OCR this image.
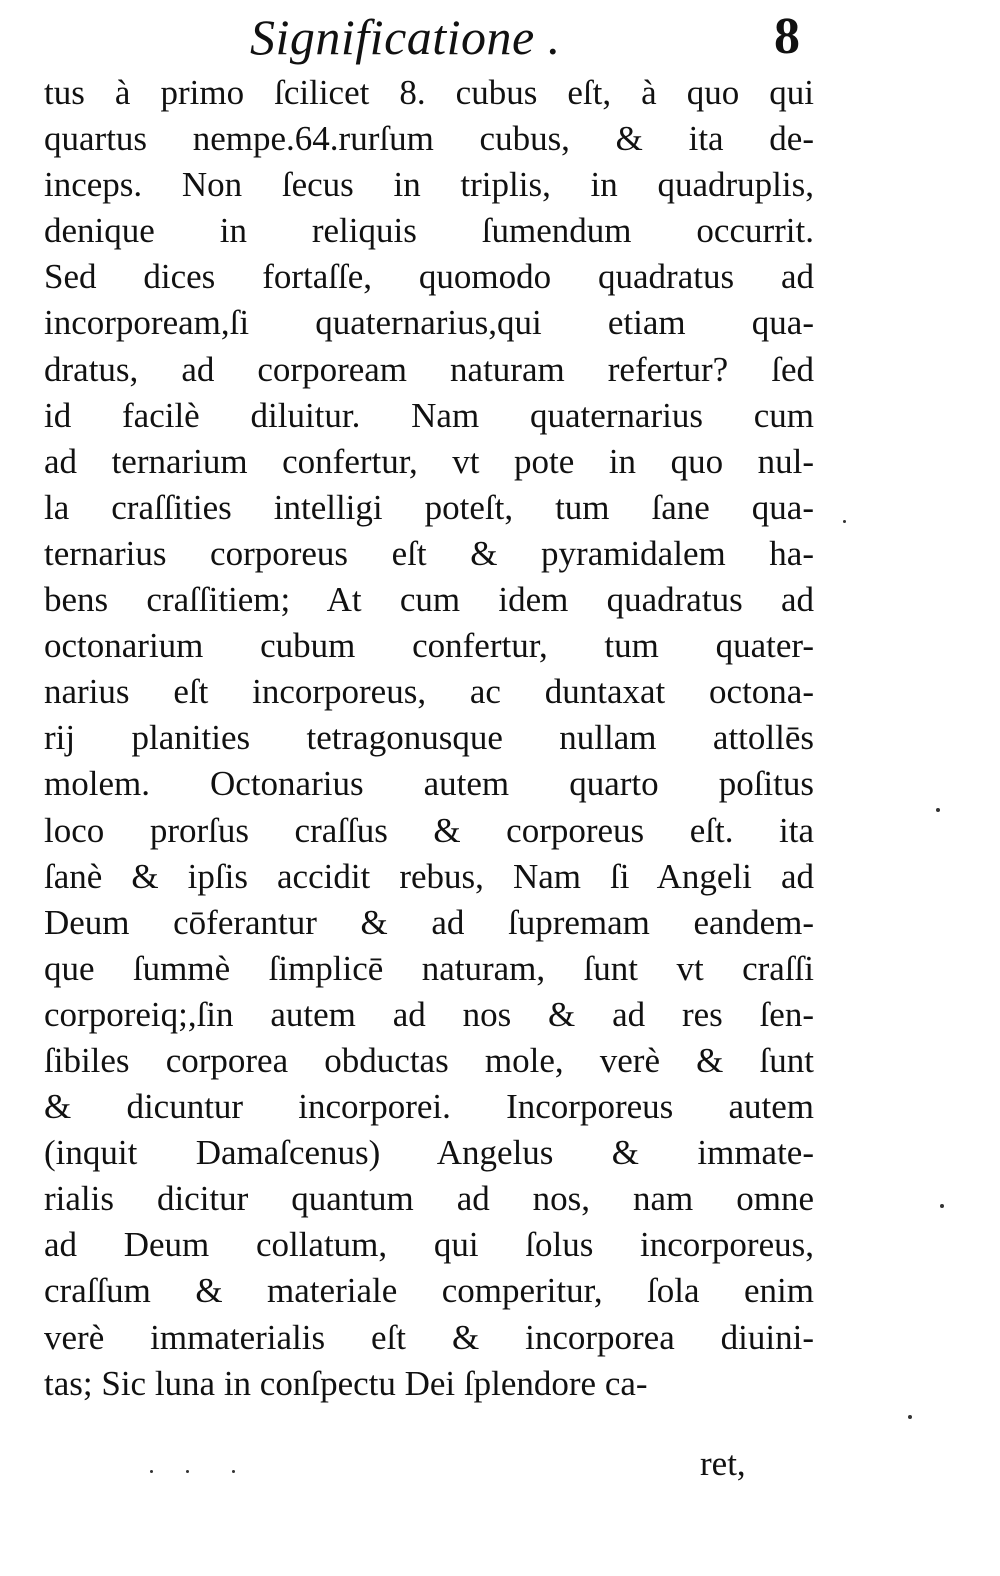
Significatione .	8
tus à primo ſcilicet 8. cubus eſt, à quo qui
quartus nempe.64.rurſum cubus, & ita de-
inceps. Non ſecus in triplis, in quadruplis,
denique in reliquis ſumendum occurrit.
Sed dices fortaſſe, quomodo quadratus ad
incorpoream,ſi quaternarius,qui etiam qua-
dratus, ad corpoream naturam refertur? ſed
id facilè diluitur. Nam quaternarius cum
ad ternarium confertur, vt pote in quo nul-
la craſſities intelligi poteſt, tum ſane qua-
ternarius corporeus eſt & pyramidalem ha-
bens craſſitiem; At cum idem quadratus ad
octonarium cubum confertur, tum quater-
narius eſt incorporeus, ac duntaxat octona-
rij planities tetragonusque nullam attollēs
molem. Octonarius autem quarto poſitus
loco prorſus craſſus & corporeus eſt. ita
ſanè & ipſis accidit rebus, Nam ſi Angeli ad
Deum cōferantur & ad ſupremam eandem-
que ſummè ſimplicē naturam, ſunt vt craſſi
corporeiq;,ſin autem ad nos & ad res ſen-
ſibiles corporea obductas mole, verè & ſunt
& dicuntur incorporei. Incorporeus autem
(inquit Damaſcenus) Angelus & immate-
rialis dicitur quantum ad nos, nam omne
ad Deum collatum, qui ſolus incorporeus,
craſſum & materiale comperitur, ſola enim
verè immaterialis eſt & incorporea diuini-
tas; Sic luna in conſpectu Dei ſplendore ca-
ret,
